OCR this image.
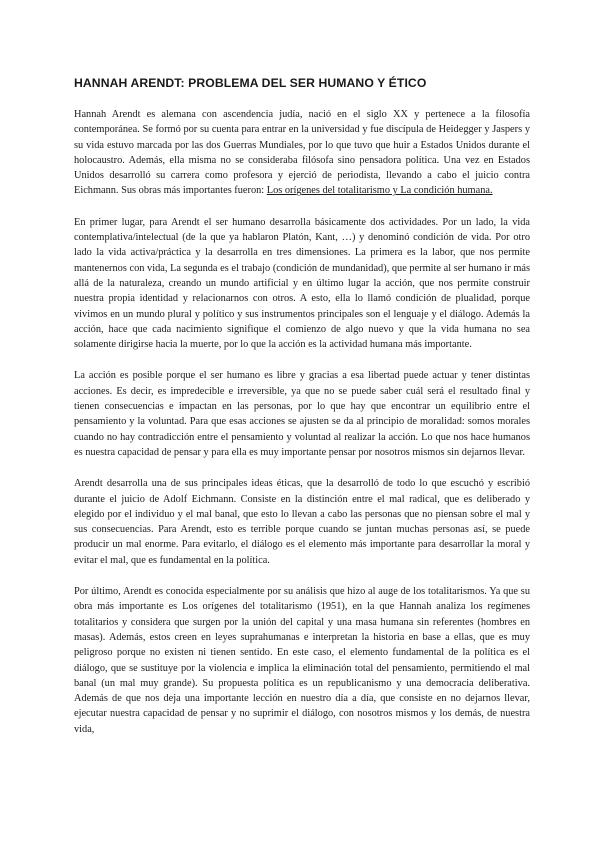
HANNAH ARENDT: PROBLEMA DEL SER HUMANO Y ÉTICO

Hannah Arendt es alemana con ascendencia judía, nació en el siglo XX y pertenece a la filosofía contemporánea. Se formó por su cuenta para entrar en la universidad y fue discípula de Heidegger y Jaspers y su vida estuvo marcada por las dos Guerras Mundiales, por lo que tuvo que huir a Estados Unidos durante el holocaustro. Además, ella misma no se consideraba filósofa sino pensadora política. Una vez en Estados Unidos desarrolló su carrera como profesora y ejerció de periodista, llevando a cabo el juicio contra Eichmann. Sus obras más importantes fueron: Los orígenes del totalitarismo y La condición humana.

En primer lugar, para Arendt el ser humano desarrolla básicamente dos actividades. Por un lado, la vida contemplativa/intelectual (de la que ya hablaron Platón, Kant, …) y denominó condición de vida. Por otro lado la vida activa/práctica y la desarrolla en tres dimensiones. La primera es la labor, que nos permite mantenernos con vida, La segunda es el trabajo (condición de mundanidad), que permite al ser humano ir más allá de la naturaleza, creando un mundo artificial y en último lugar la acción, que nos permite construir nuestra propia identidad y relacionarnos con otros. A esto, ella lo llamó condición de plualidad, porque vivimos en un mundo plural y político y sus instrumentos principales son el lenguaje y el diálogo. Además la acción, hace que cada nacimiento signifique el comienzo de algo nuevo y que la vida humana no sea solamente dirigirse hacia la muerte, por lo que la acción es la actividad humana más importante.

La acción es posible porque el ser humano es libre y gracias a esa libertad puede actuar y tener distintas acciones. Es decir, es impredecible e irreversible, ya que no se puede saber cuál será el resultado final y tienen consecuencias e impactan en las personas, por lo que hay que encontrar un equilibrio entre el pensamiento y la voluntad. Para que esas acciones se ajusten se da al principio de moralidad: somos morales cuando no hay contradicción entre el pensamiento y voluntad al realizar la acción. Lo que nos hace humanos es nuestra capacidad de pensar y para ella es muy importante pensar por nosotros mismos sin dejarnos llevar.

Arendt desarrolla una de sus principales ideas éticas, que la desarrolló de todo lo que escuchó y escribió durante el juicio de Adolf Eichmann. Consiste en la distinción entre el mal radical, que es deliberado y elegido por el individuo y el mal banal, que esto lo llevan a cabo las personas que no piensan sobre el mal y sus consecuencias. Para Arendt, esto es terrible porque cuando se juntan muchas personas así, se puede producir un mal enorme. Para evitarlo, el diálogo es el elemento más importante para desarrollar la moral y evitar el mal, que es fundamental en la política.

Por último, Arendt es conocida especialmente por su análisis que hizo al auge de los totalitarismos. Ya que su obra más importante es Los orígenes del totalitarismo (1951), en la que Hannah analiza los regímenes totalitarios y considera que surgen por la unión del capital y una masa humana sin referentes (hombres en masas). Además, estos creen en leyes suprahumanas e interpretan la historia en base a ellas, que es muy peligroso porque no existen ni tienen sentido. En este caso, el elemento fundamental de la política es el diálogo, que se sustituye por la violencia e implica la eliminación total del pensamiento, permitiendo el mal banal (un mal muy grande). Su propuesta política es un republicanismo y una democracia deliberativa. Además de que nos deja una importante lección en nuestro día a día, que consiste en no dejarnos llevar, ejecutar nuestra capacidad de pensar y no suprimir el diálogo, con nosotros mismos y los demás, de nuestra vida,
